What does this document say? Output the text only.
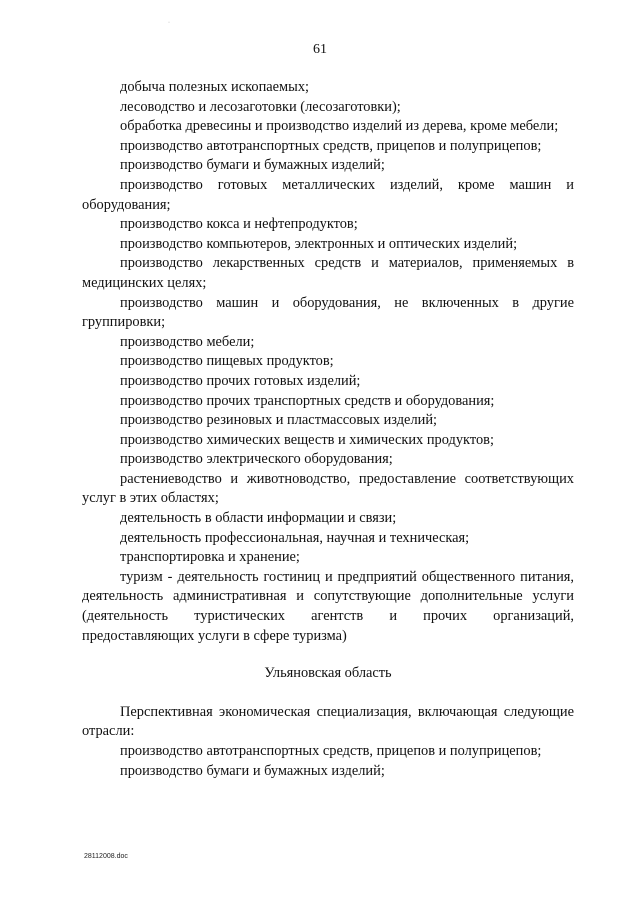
·
61

добыча полезных ископаемых;

лесоводство и лесозаготовки (лесозаготовки);

обработка древесины и производство изделий из дерева, кроме мебели;

производство автотранспортных средств, прицепов и полуприцепов;

производство бумаги и бумажных изделий;

производство готовых металлических изделий, кроме машин и оборудования;

производство кокса и нефтепродуктов;

производство компьютеров, электронных и оптических изделий;

производство лекарственных средств и материалов, применяемых в медицинских целях;

производство машин и оборудования, не включенных в другие группировки;

производство мебели;

производство пищевых продуктов;

производство прочих готовых изделий;

производство прочих транспортных средств и оборудования;

производство резиновых и пластмассовых изделий;

производство химических веществ и химических продуктов;

производство электрического оборудования;

растениеводство и животноводство, предоставление соответствующих услуг в этих областях;

деятельность в области информации и связи;

деятельность профессиональная, научная и техническая;

транспортировка и хранение;

туризм - деятельность гостиниц и предприятий общественного питания, деятельность административная и сопутствующие дополнительные услуги (деятельность туристических агентств и прочих организаций, предоставляющих услуги в сфере туризма)

Ульяновская область

Перспективная экономическая специализация, включающая следующие отрасли:

производство автотранспортных средств, прицепов и полуприцепов;

производство бумаги и бумажных изделий;

28112008.doc
